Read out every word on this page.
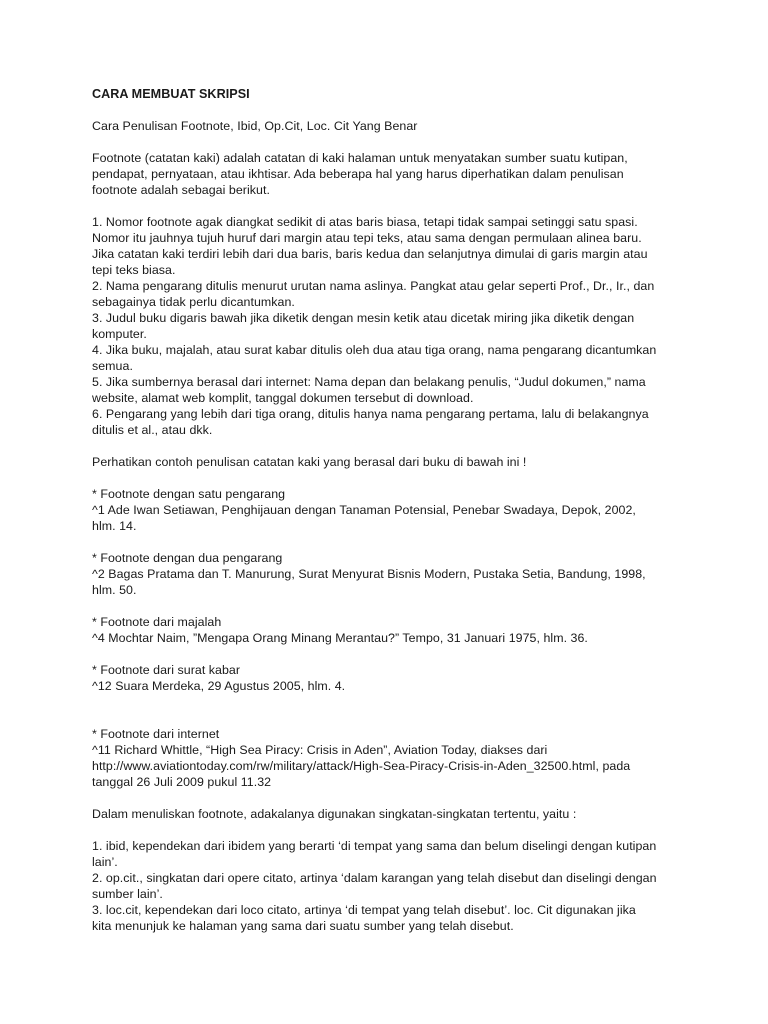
CARA MEMBUAT SKRIPSI
Cara Penulisan Footnote, Ibid, Op.Cit, Loc. Cit Yang Benar
Footnote (catatan kaki) adalah catatan di kaki halaman untuk menyatakan sumber suatu kutipan,
pendapat, pernyataan, atau ikhtisar. Ada beberapa hal yang harus diperhatikan dalam penulisan
footnote adalah sebagai berikut.
1. Nomor footnote agak diangkat sedikit di atas baris biasa, tetapi tidak sampai setinggi satu spasi.
Nomor itu jauhnya tujuh huruf dari margin atau tepi teks, atau sama dengan permulaan alinea baru.
Jika catatan kaki terdiri lebih dari dua baris, baris kedua dan selanjutnya dimulai di garis margin atau
tepi teks biasa.
2. Nama pengarang ditulis menurut urutan nama aslinya. Pangkat atau gelar seperti Prof., Dr., Ir., dan
sebagainya tidak perlu dicantumkan.
3. Judul buku digaris bawah jika diketik dengan mesin ketik atau dicetak miring jika diketik dengan
komputer.
4. Jika buku, majalah, atau surat kabar ditulis oleh dua atau tiga orang, nama pengarang dicantumkan
semua.
5. Jika sumbernya berasal dari internet: Nama depan dan belakang penulis, “Judul dokumen,” nama
website, alamat web komplit, tanggal dokumen tersebut di download.
6. Pengarang yang lebih dari tiga orang, ditulis hanya nama pengarang pertama, lalu di belakangnya
ditulis et al., atau dkk.
Perhatikan contoh penulisan catatan kaki yang berasal dari buku di bawah ini !
* Footnote dengan satu pengarang
^1 Ade Iwan Setiawan, Penghijauan dengan Tanaman Potensial, Penebar Swadaya, Depok, 2002,
hlm. 14.
* Footnote dengan dua pengarang
^2 Bagas Pratama dan T. Manurung, Surat Menyurat Bisnis Modern, Pustaka Setia, Bandung, 1998,
hlm. 50.
* Footnote dari majalah
^4 Mochtar Naim, ”Mengapa Orang Minang Merantau?” Tempo, 31 Januari 1975, hlm. 36.
* Footnote dari surat kabar
^12 Suara Merdeka, 29 Agustus 2005, hlm. 4.
* Footnote dari internet
^11 Richard Whittle, “High Sea Piracy: Crisis in Aden”, Aviation Today, diakses dari
http://www.aviationtoday.com/rw/military/attack/High-Sea-Piracy-Crisis-in-Aden_32500.html, pada
tanggal 26 Juli 2009 pukul 11.32
Dalam menuliskan footnote, adakalanya digunakan singkatan-singkatan tertentu, yaitu :
1. ibid, kependekan dari ibidem yang berarti ‘di tempat yang sama dan belum diselingi dengan kutipan
lain’.
2. op.cit., singkatan dari opere citato, artinya ‘dalam karangan yang telah disebut dan diselingi dengan
sumber lain’.
3. loc.cit, kependekan dari loco citato, artinya ‘di tempat yang telah disebut’. loc. Cit digunakan jika
kita menunjuk ke halaman yang sama dari suatu sumber yang telah disebut.
